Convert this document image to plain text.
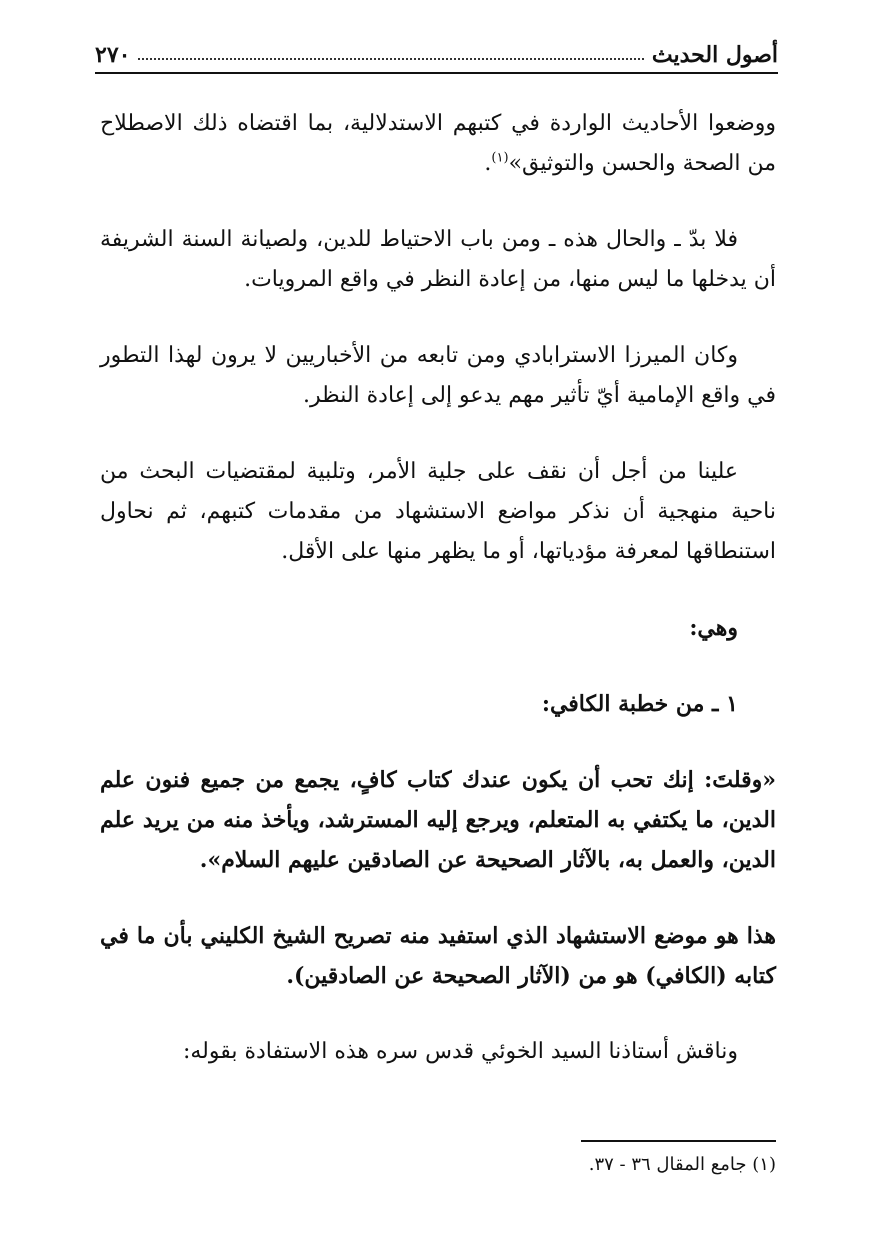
أصول الحديث
٢٧٠

ووضعوا الأحاديث الواردة في كتبهم الاستدلالية، بما اقتضاه ذلك الاصطلاح من الصحة والحسن والتوثيق»$^{(١)}$.

فلا بدّ ـ والحال هذه ـ ومن باب الاحتياط للدين، ولصيانة السنة الشريفة أن يدخلها ما ليس منها، من إعادة النظر في واقع المرويات.

وكان الميرزا الاسترابادي ومن تابعه من الأخباريين لا يرون لهذا التطور في واقع الإمامية أيّ تأثير مهم يدعو إلى إعادة النظر.

علينا من أجل أن نقف على جلية الأمر، وتلبية لمقتضيات البحث من ناحية منهجية أن نذكر مواضع الاستشهاد من مقدمات كتبهم، ثم نحاول استنطاقها لمعرفة مؤدياتها، أو ما يظهر منها على الأقل.

وهي:

١ ـ من خطبة الكافي:

«وقلتَ: إنك تحب أن يكون عندك كتاب كافٍ، يجمع من جميع فنون علم الدين، ما يكتفي به المتعلم، ويرجع إليه المسترشد، ويأخذ منه من يريد علم الدين، والعمل به، بالآثار الصحيحة عن الصادقين عليهم السلام».

هذا هو موضع الاستشهاد الذي استفيد منه تصريح الشيخ الكليني بأن ما في كتابه (الكافي) هو من (الآثار الصحيحة عن الصادقين).

وناقش أستاذنا السيد الخوئي قدس سره هذه الاستفادة بقوله:

(١) جامع المقال ٣٦ - ٣٧.
